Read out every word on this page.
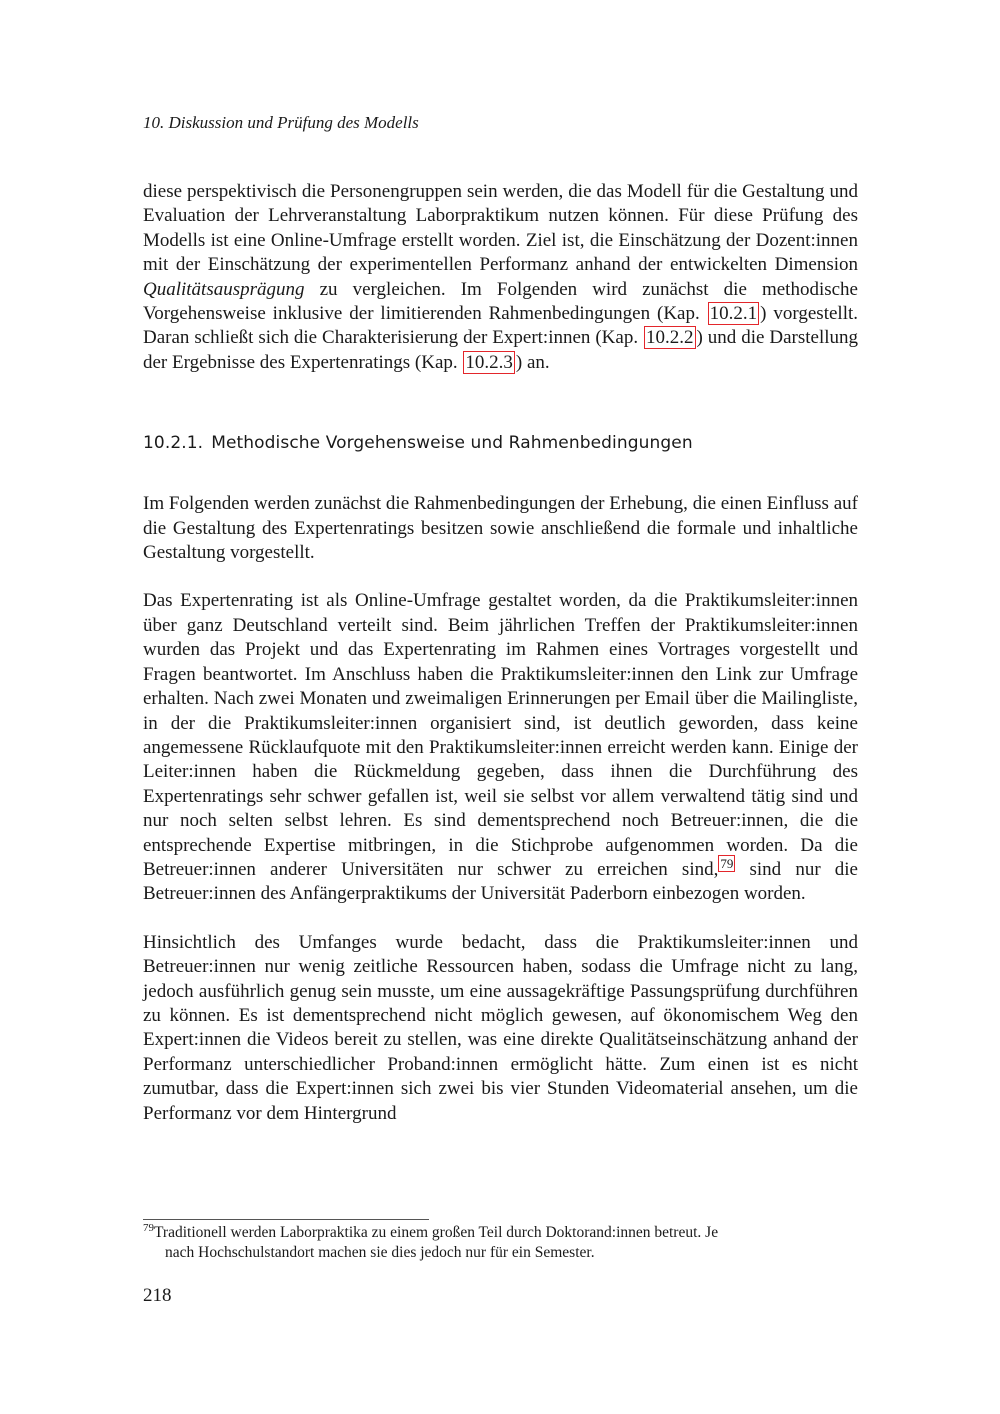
10. Diskussion und Prüfung des Modells

diese perspektivisch die Personengruppen sein werden, die das Modell für die Gestaltung und Evaluation der Lehrveranstaltung Laborpraktikum nutzen können. Für diese Prüfung des Modells ist eine Online-Umfrage erstellt worden. Ziel ist, die Einschätzung der Dozent:innen mit der Einschätzung der experimentellen Performanz anhand der entwickelten Dimension Qualitätsausprägung zu vergleichen. Im Folgenden wird zunächst die methodische Vorgehensweise inklusive der limitierenden Rahmenbedingungen (Kap. 10.2.1 ) vorgestellt. Daran schließt sich die Charakterisierung der Expert:innen (Kap. 10.2.2 ) und die Darstellung der Ergebnisse des Expertenratings (Kap. 10.2.3 ) an.

10.2.1. Methodische Vorgehensweise und Rahmenbedingungen

Im Folgenden werden zunächst die Rahmenbedingungen der Erhebung, die einen Einfluss auf die Gestaltung des Expertenratings besitzen sowie anschließend die formale und inhaltliche Gestaltung vorgestellt.

Das Expertenrating ist als Online-Umfrage gestaltet worden, da die Praktikumsleiter:innen über ganz Deutschland verteilt sind. Beim jährlichen Treffen der Praktikumsleiter:innen wurden das Projekt und das Expertenrating im Rahmen eines Vortrages vorgestellt und Fragen beantwortet. Im Anschluss haben die Praktikumsleiter:innen den Link zur Umfrage erhalten. Nach zwei Monaten und zweimaligen Erinnerungen per Email über die Mailingliste, in der die Praktikumsleiter:innen organisiert sind, ist deutlich geworden, dass keine angemessene Rücklaufquote mit den Praktikumsleiter:innen erreicht werden kann. Einige der Leiter:innen haben die Rückmeldung gegeben, dass ihnen die Durchführung des Expertenratings sehr schwer gefallen ist, weil sie selbst vor allem verwaltend tätig sind und nur noch selten selbst lehren. Es sind dementsprechend noch Betreuer:innen, die die entsprechende Expertise mitbringen, in die Stichprobe aufgenommen worden. Da die Betreuer:innen anderer Universitäten nur schwer zu erreichen sind, $^{79}$ sind nur die Betreuer:innen des Anfängerpraktikums der Universität Paderborn einbezogen worden.

Hinsichtlich des Umfanges wurde bedacht, dass die Praktikumsleiter:innen und Betreuer:innen nur wenig zeitliche Ressourcen haben, sodass die Umfrage nicht zu lang, jedoch ausführlich genug sein musste, um eine aussagekräftige Passungsprüfung durchführen zu können. Es ist dementsprechend nicht möglich gewesen, auf ökonomischem Weg den Expert:innen die Videos bereit zu stellen, was eine direkte Qualitätseinschätzung anhand der Performanz unterschiedlicher Proband:innen ermöglicht hätte. Zum einen ist es nicht zumutbar, dass die Expert:innen sich zwei bis vier Stunden Videomaterial ansehen, um die Performanz vor dem Hintergrund

$^{79}$Traditionell werden Laborpraktika zu einem großen Teil durch Doktorand:innen betreut. Je
nach Hochschulstandort machen sie dies jedoch nur für ein Semester.
218
